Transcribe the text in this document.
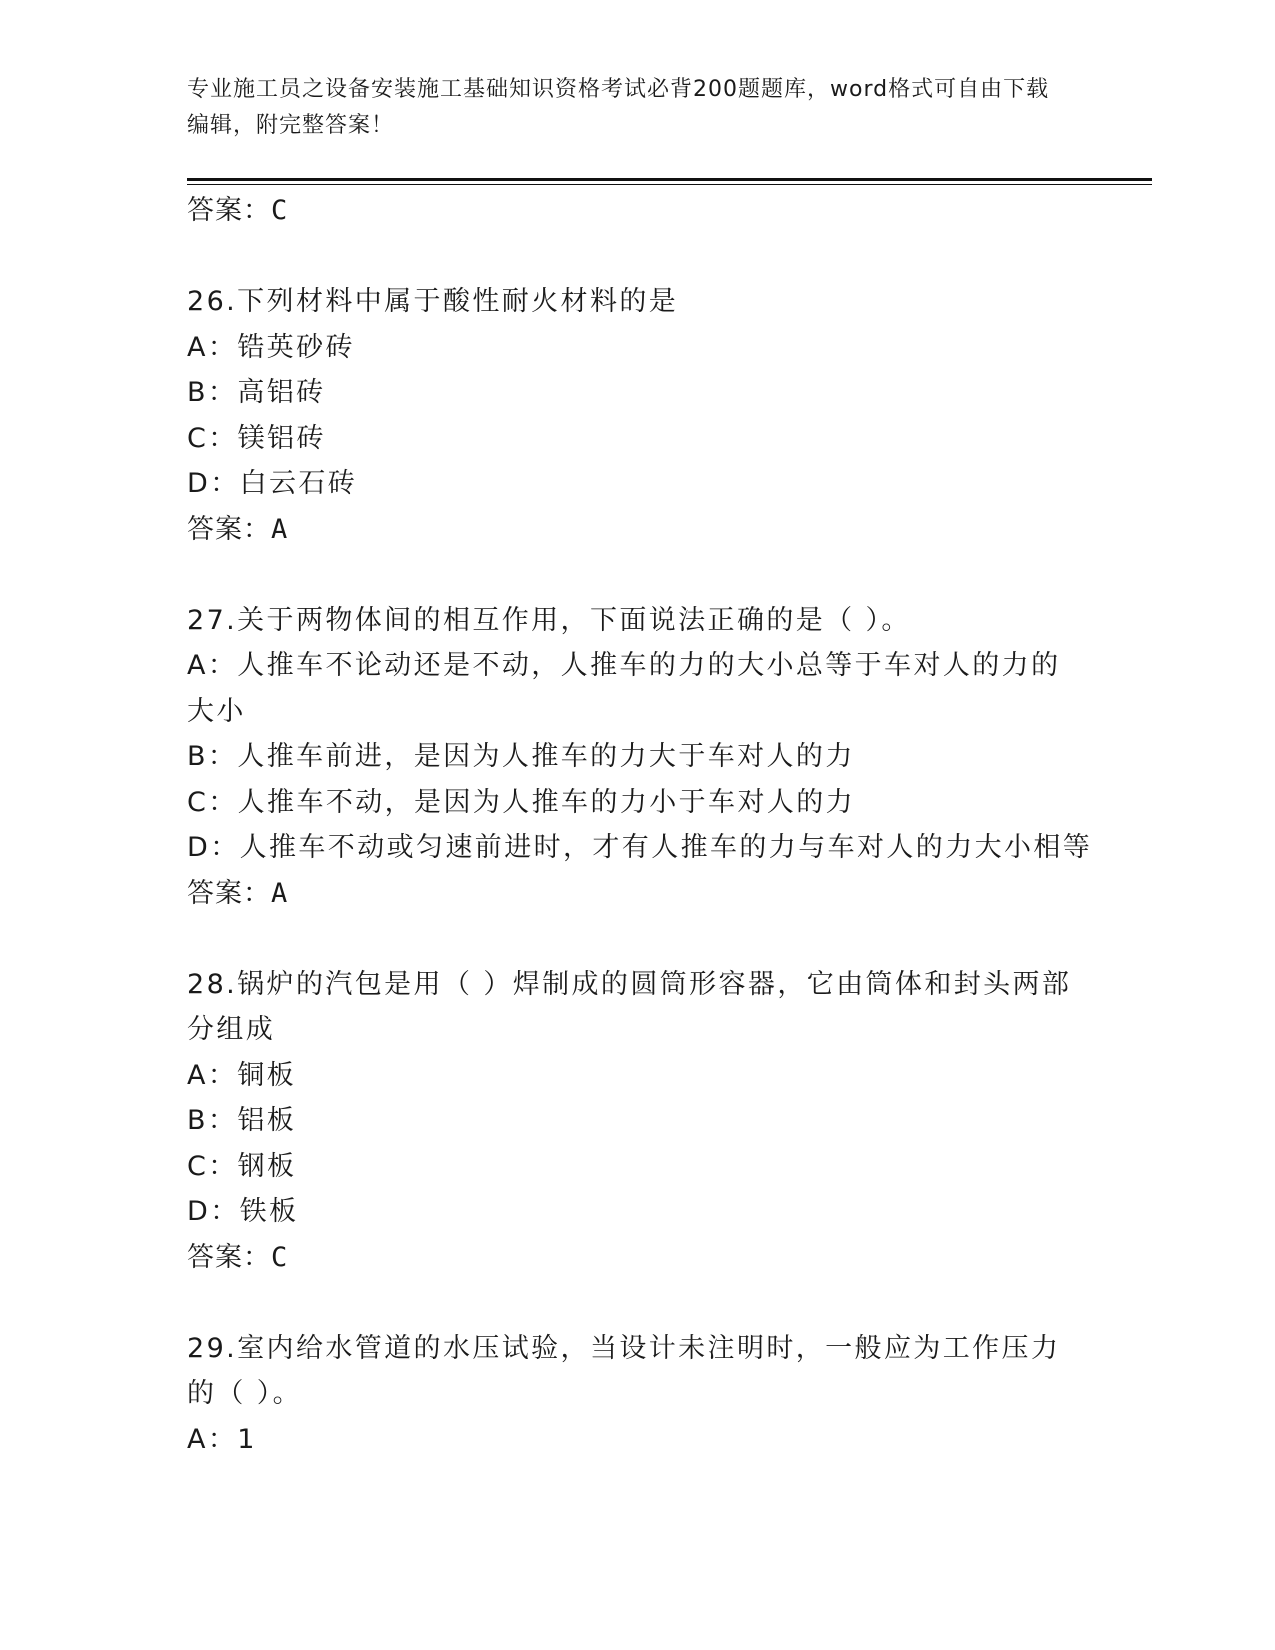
专业施工员之设备安装施工基础知识资格考试必背200题题库，word格式可自由下载编辑，附完整答案！
答案：C
26.下列材料中属于酸性耐火材料的是
A：锆英砂砖
B：高铝砖
C：镁铝砖
D：白云石砖
答案：A
27.关于两物体间的相互作用，下面说法正确的是（ ）。
A：人推车不论动还是不动，人推车的力的大小总等于车对人的力的大小
B：人推车前进，是因为人推车的力大于车对人的力
C：人推车不动，是因为人推车的力小于车对人的力
D：人推车不动或匀速前进时，才有人推车的力与车对人的力大小相等
答案：A
28.锅炉的汽包是用（ ）焊制成的圆筒形容器，它由筒体和封头两部分组成
A：铜板
B：铝板
C：钢板
D：铁板
答案：C
29.室内给水管道的水压试验，当设计未注明时，一般应为工作压力的（ ）。
A：1
